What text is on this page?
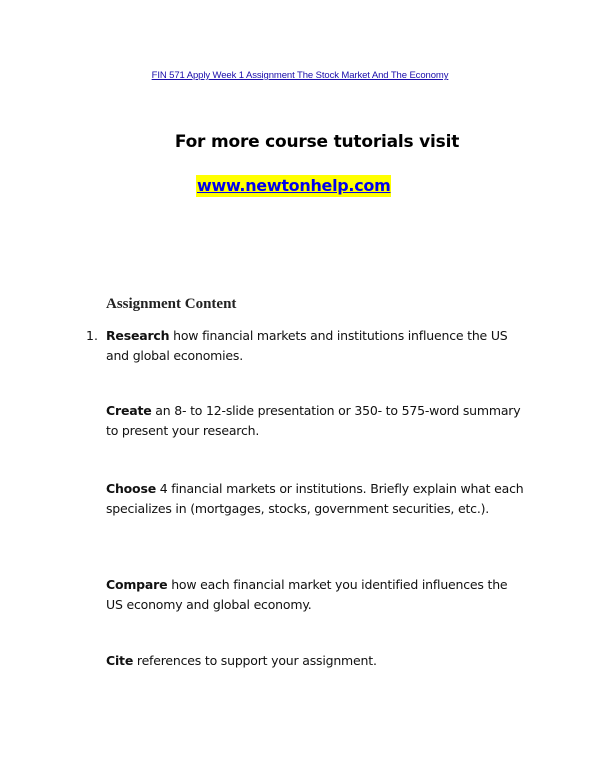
FIN 571 Apply Week 1 Assignment The Stock Market And The Economy
For more course tutorials visit
www.newtonhelp.com
Assignment Content
1. Research how financial markets and institutions influence the US and global economies.
Create an 8- to 12-slide presentation or 350- to 575-word summary to present your research.
Choose 4 financial markets or institutions. Briefly explain what each specializes in (mortgages, stocks, government securities, etc.).
Compare how each financial market you identified influences the US economy and global economy.
Cite references to support your assignment.
